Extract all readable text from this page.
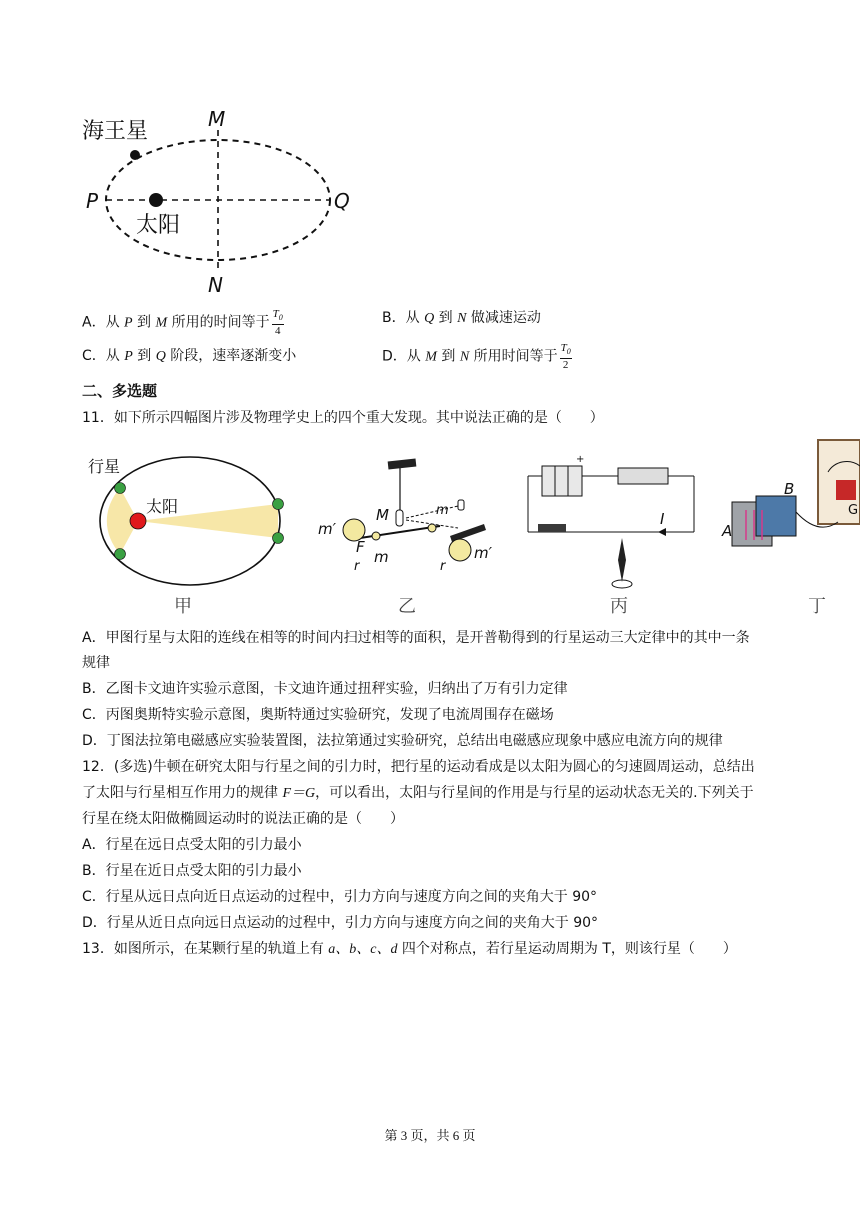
海王星
太阳
P	Q
M
N
A．从 P 到 M 所用的时间等于 $\frac{T_0}{4}$	B．从 Q 到 N 做减速运动
C．从 P 到 Q 阶段，速率逐渐变小	D．从 M 到 N 所用时间等于 $\frac{T_0}{2}$
二、多选题
11．如下所示四幅图片涉及物理学史上的四个重大发现。其中说法正确的是（　　）
行星
太阳
甲
m′
F
M
r
m
r
m
m′
乙
+
I
丙
G
A
B
丁
A．甲图行星与太阳的连线在相等的时间内扫过相等的面积，是开普勒得到的行星运动三大定律中的其中一条
规律
B．乙图卡文迪许实验示意图，卡文迪许通过扭秤实验，归纳出了万有引力定律
C．丙图奥斯特实验示意图，奥斯特通过实验研究，发现了电流周围存在磁场
D．丁图法拉第电磁感应实验装置图，法拉第通过实验研究，总结出电磁感应现象中感应电流方向的规律
12．(多选)牛顿在研究太阳与行星之间的引力时，把行星的运动看成是以太阳为圆心的匀速圆周运动，总结出
了太阳与行星相互作用力的规律 F＝G，可以看出，太阳与行星间的作用是与行星的运动状态无关的.下列关于
行星在绕太阳做椭圆运动时的说法正确的是（　　）
A．行星在远日点受太阳的引力最小
B．行星在近日点受太阳的引力最小
C．行星从远日点向近日点运动的过程中，引力方向与速度方向之间的夹角大于 90°
D．行星从近日点向远日点运动的过程中，引力方向与速度方向之间的夹角大于 90°
13．如图所示，在某颗行星的轨道上有 a、b、c、d 四个对称点，若行星运动周期为 T，则该行星（　　）
第 3 页，共 6 页
